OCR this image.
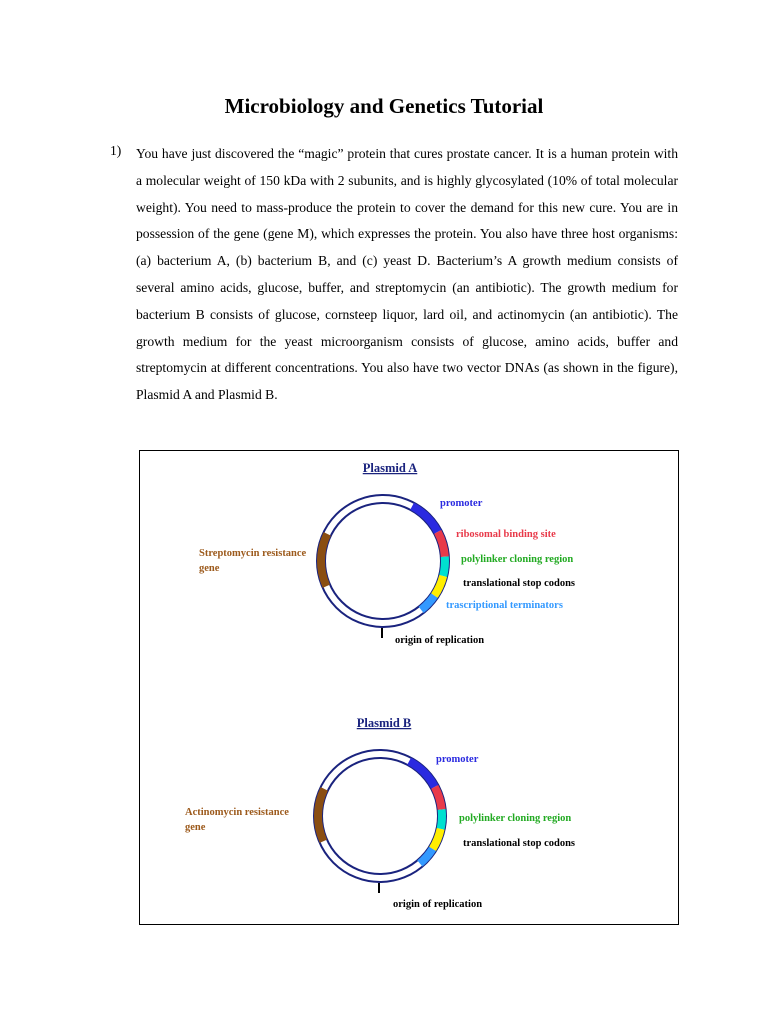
Microbiology and Genetics Tutorial
1) You have just discovered the “magic” protein that cures prostate cancer. It is a human protein with a molecular weight of 150 kDa with 2 subunits, and is highly glycosylated (10% of total molecular weight). You need to mass-produce the protein to cover the demand for this new cure. You are in possession of the gene (gene M), which expresses the protein. You also have three host organisms: (a) bacterium A, (b) bacterium B, and (c) yeast D. Bacterium’s A growth medium consists of several amino acids, glucose, buffer, and streptomycin (an antibiotic). The growth medium for bacterium B consists of glucose, cornsteep liquor, lard oil, and actinomycin (an antibiotic). The growth medium for the yeast microorganism consists of glucose, amino acids, buffer and streptomycin at different concentrations. You also have two vector DNAs (as shown in the figure), Plasmid A and Plasmid B.
Plasmid A
Streptomycin resistance
gene
promoter
ribosomal binding site
polylinker cloning region
translational stop codons
trascriptional terminators
origin of replication
Plasmid B
Actinomycin resistance
gene
promoter
polylinker cloning region
translational stop codons
origin of replication
